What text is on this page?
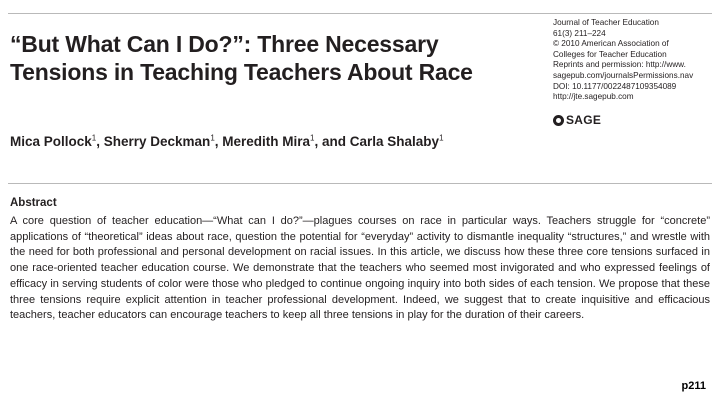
“But What Can I Do?”: Three Necessary Tensions in Teaching Teachers About Race
Journal of Teacher Education
61(3) 211–224
© 2010 American Association of
Colleges for Teacher Education
Reprints and permission: http://www.
sagepub.com/journalsPermissions.nav
DOI: 10.1177/0022487109354089
http://jte.sagepub.com
SAGE

Mica Pollock$^1$, Sherry Deckman$^1$, Meredith Mira$^1$, and Carla Shalaby$^1$

Abstract

A core question of teacher education—“What can I do?”—plagues courses on race in particular ways. Teachers struggle for “concrete” applications of “theoretical” ideas about race, question the potential for “everyday” activity to dismantle inequality “structures,” and wrestle with the need for both professional and personal development on racial issues. In this article, we discuss how these three core tensions surfaced in one race-oriented teacher education course. We demonstrate that the teachers who seemed most invigorated and who expressed feelings of efficacy in serving students of color were those who pledged to continue ongoing inquiry into both sides of each tension. We propose that these three tensions require explicit attention in teacher professional development. Indeed, we suggest that to create inquisitive and efficacious teachers, teacher educators can encourage teachers to keep all three tensions in play for the duration of their careers.

p211
